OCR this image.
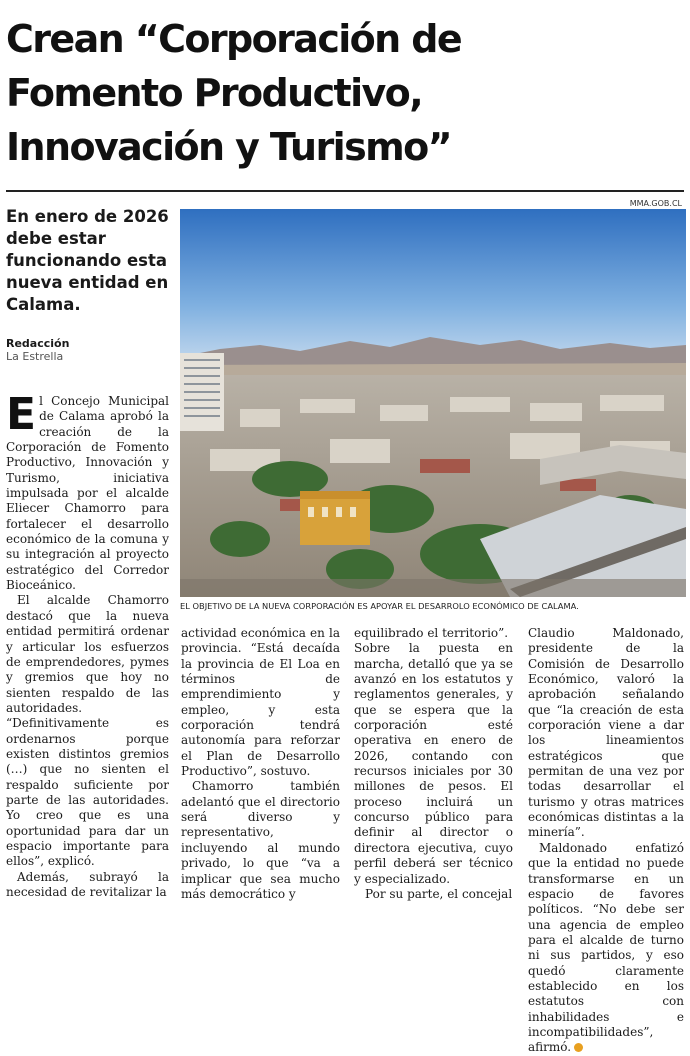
Crean “Corporación de
Fomento Productivo,
Innovación y Turismo”
En enero de 2026 debe estar funcionando esta nueva entidad en Calama.
Redacción
La Estrella
MMA.GOB.CL
EL OBJETIVO DE LA NUEVA CORPORACIÓN ES APOYAR EL DESARROLO ECONÓMICO DE CALAMA.

El Concejo Municipal de Calama aprobó la creación de la Corporación de Fomento Productivo, Innovación y Turismo, iniciativa impulsada por el alcalde Eliecer Chamorro para fortalecer el desarrollo económico de la comuna y su integración al proyecto estratégico del Corredor Bioceánico.

El alcalde Chamorro destacó que la nueva entidad permitirá ordenar y articular los esfuerzos de emprendedores, pymes y gremios que hoy no sienten respaldo de las autoridades. “Definitivamente es ordenarnos porque existen distintos gremios (…) que no sienten el respaldo suficiente por parte de las autoridades. Yo creo que es una oportunidad para dar un espacio importante para ellos”, explicó.

Además, subrayó la necesidad de revitalizar la

actividad económica en la provincia. “Está decaída la provincia de El Loa en términos de emprendimiento y empleo, y esta corporación tendrá autonomía para reforzar el Plan de Desarrollo Productivo”, sostuvo.

Chamorro también adelantó que el directorio será diverso y representativo, incluyendo al mundo privado, lo que “va a implicar que sea mucho más democrático y

equilibrado el territorio”.

Sobre la puesta en marcha, detalló que ya se avanzó en los estatutos y reglamentos generales, y que se espera que la corporación esté operativa en enero de 2026, contando con recursos iniciales por 30 millones de pesos. El proceso incluirá un concurso público para definir al director o directora ejecutiva, cuyo perfil deberá ser técnico y especializado.

Por su parte, el concejal

Claudio Maldonado, presidente de la Comisión de Desarrollo Económico, valoró la aprobación señalando que “la creación de esta corporación viene a dar los lineamientos estratégicos que permitan de una vez por todas desarrollar el turismo y otras matrices económicas distintas a la minería”.

Maldonado enfatizó que la entidad no puede transformarse en un espacio de favores políticos. “No debe ser una agencia de empleo para el alcalde de turno ni sus partidos, y eso quedó claramente establecido en los estatutos con inhabilidades e incompatibilidades”, afirmó.
